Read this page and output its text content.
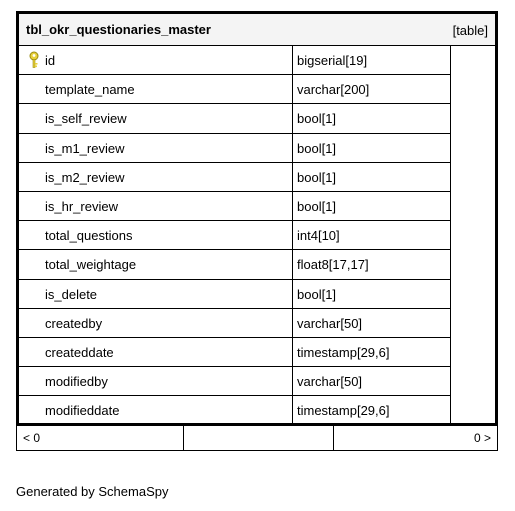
tbl_okr_questionaries_master	[table]
id	bigserial[19]
template_name	varchar[200]
is_self_review	bool[1]
is_m1_review	bool[1]
is_m2_review	bool[1]
is_hr_review	bool[1]
total_questions	int4[10]
total_weightage	float8[17,17]
is_delete	bool[1]
createdby	varchar[50]
createddate	timestamp[29,6]
modifiedby	varchar[50]
modifieddate	timestamp[29,6]
< 0	0 >
Generated by SchemaSpy
